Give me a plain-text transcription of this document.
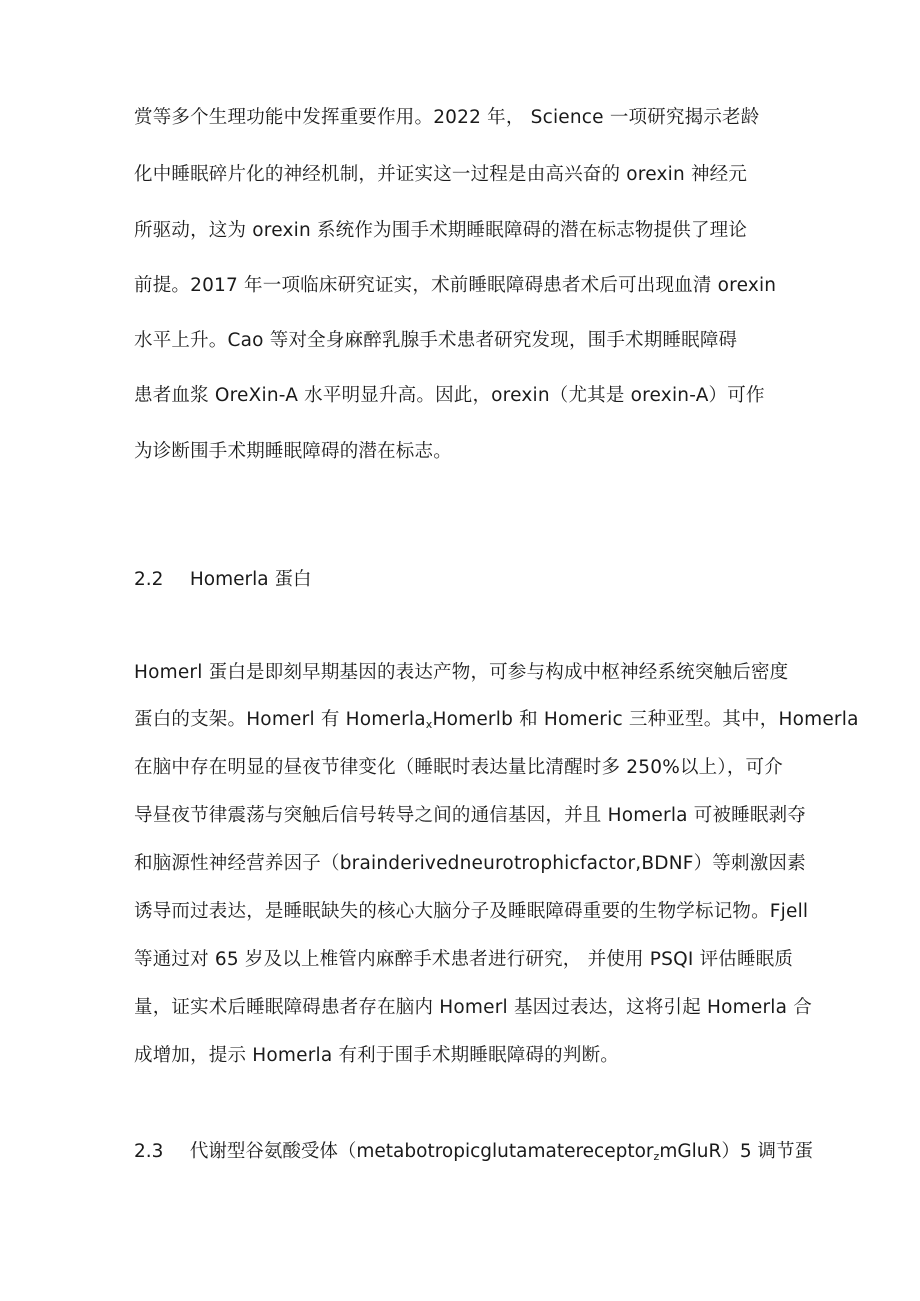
赏等多个生理功能中发挥重要作用。2022 年， Science 一项研究揭示老龄
化中睡眠碎片化的神经机制，并证实这一过程是由高兴奋的 orexin 神经元
所驱动，这为 orexin 系统作为围手术期睡眠障碍的潜在标志物提供了理论
前提。2017 年一项临床研究证实，术前睡眠障碍患者术后可出现血清 orexin
水平上升。Cao 等对全身麻醉乳腺手术患者研究发现，围手术期睡眠障碍
患者血浆 OreXin-A 水平明显升高。因此，orexin（尤其是 orexin-A）可作
为诊断围手术期睡眠障碍的潜在标志。
2.2 Homerla 蛋白
Homerl 蛋白是即刻早期基因的表达产物，可参与构成中枢神经系统突触后密度
蛋白的支架。Homerl 有 Homerla$_x$Homerlb 和 Homeric 三种亚型。其中，Homerla
在脑中存在明显的昼夜节律变化（睡眠时表达量比清醒时多 250%以上），可介
导昼夜节律震荡与突触后信号转导之间的通信基因，并且 Homerla 可被睡眠剥夺
和脑源性神经营养因子（brainderivedneurotrophicfactor,BDNF）等刺激因素
诱导而过表达，是睡眠缺失的核心大脑分子及睡眠障碍重要的生物学标记物。Fjell
等通过对 65 岁及以上椎管内麻醉手术患者进行研究， 并使用 PSQI 评估睡眠质
量，证实术后睡眠障碍患者存在脑内 Homerl 基因过表达，这将引起 Homerla 合
成增加，提示 Homerla 有利于围手术期睡眠障碍的判断。
2.3 代谢型谷氨酸受体（metabotropicglutamatereceptor$_z$mGluR）5 调节蛋
